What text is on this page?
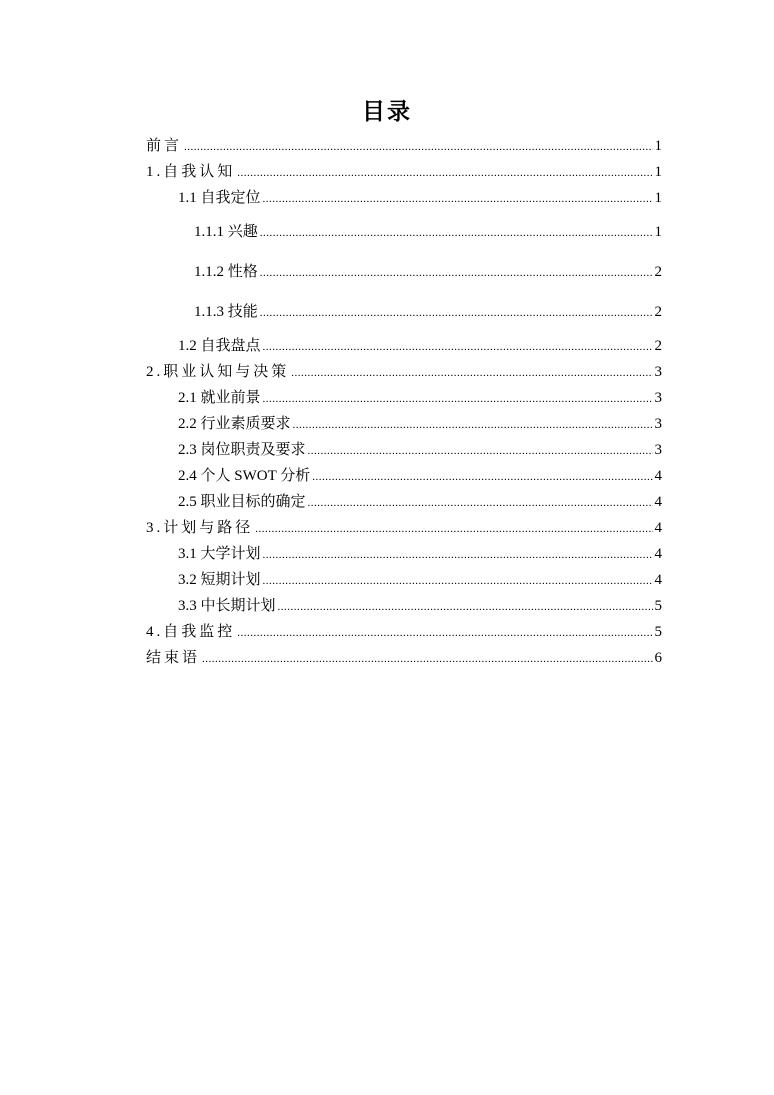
目录
前言 .....	1
1.自我认知 .....	1
1.1 自我定位 .....	1
1.1.1 兴趣 .....	1
1.1.2 性格 .....	2
1.1.3 技能 .....	2
1.2 自我盘点 .....	2
2.职业认知与决策 .....	3
2.1 就业前景 .....	3
2.2 行业素质要求 .....	3
2.3 岗位职责及要求 .....	3
2.4 个人 SWOT 分析 .....	4
2.5 职业目标的确定 .....	4
3.计划与路径 .....	4
3.1 大学计划 .....	4
3.2 短期计划 .....	4
3.3 中长期计划 .....	5
4.自我监控 .....	5
结束语 .....	6
